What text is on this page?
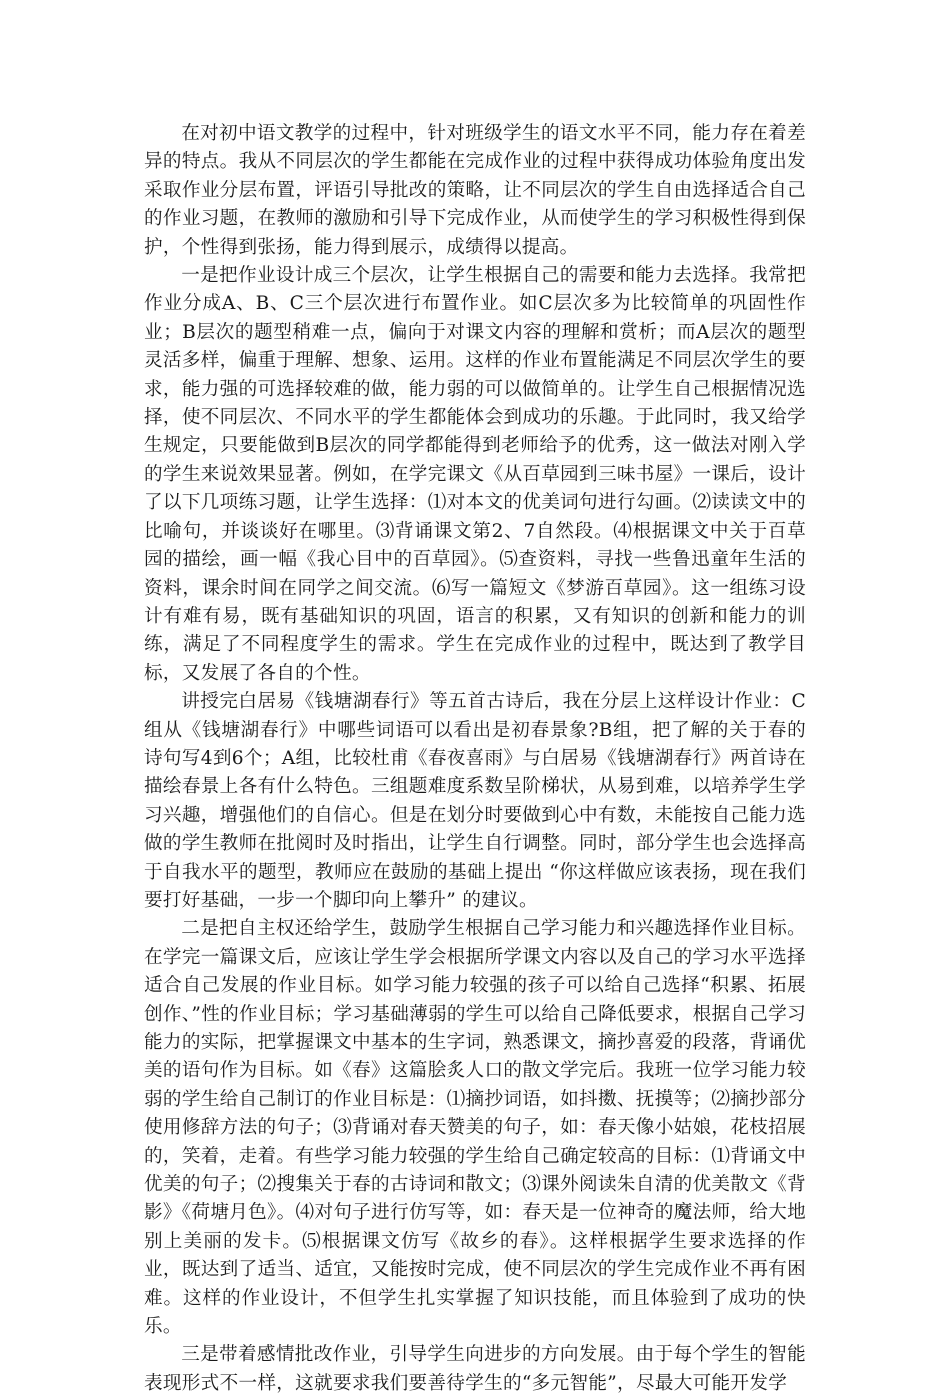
在对初中语文教学的过程中，针对班级学生的语文水平不同，能力存在着差异的特点。我从不同层次的学生都能在完成作业的过程中获得成功体验角度出发采取作业分层布置，评语引导批改的策略，让不同层次的学生自由选择适合自己的作业习题，在教师的激励和引导下完成作业，从而使学生的学习积极性得到保护，个性得到张扬，能力得到展示，成绩得以提高。

一是把作业设计成三个层次，让学生根据自己的需要和能力去选择。我常把作业分成A、B、C三个层次进行布置作业。如C层次多为比较简单的巩固性作业；B层次的题型稍难一点，偏向于对课文内容的理解和赏析；而A层次的题型灵活多样，偏重于理解、想象、运用。这样的作业布置能满足不同层次学生的要求，能力强的可选择较难的做，能力弱的可以做简单的。让学生自己根据情况选择，使不同层次、不同水平的学生都能体会到成功的乐趣。于此同时，我又给学生规定，只要能做到B层次的同学都能得到老师给予的优秀，这一做法对刚入学的学生来说效果显著。例如，在学完课文《从百草园到三味书屋》一课后，设计了以下几项练习题，让学生选择：⑴对本文的优美词句进行勾画。⑵读读文中的比喻句，并谈谈好在哪里。⑶背诵课文第2、7自然段。⑷根据课文中关于百草园的描绘，画一幅《我心目中的百草园》。⑸查资料，寻找一些鲁迅童年生活的资料，课余时间在同学之间交流。⑹写一篇短文《梦游百草园》。这一组练习设计有难有易，既有基础知识的巩固，语言的积累，又有知识的创新和能力的训练，满足了不同程度学生的需求。学生在完成作业的过程中，既达到了教学目标，又发展了各自的个性。

讲授完白居易《钱塘湖春行》等五首古诗后，我在分层上这样设计作业：C组从《钱塘湖春行》中哪些词语可以看出是初春景象?B组，把了解的关于春的诗句写4到6个；A组，比较杜甫《春夜喜雨》与白居易《钱塘湖春行》两首诗在描绘春景上各有什么特色。三组题难度系数呈阶梯状，从易到难，以培养学生学习兴趣，增强他们的自信心。但是在划分时要做到心中有数，未能按自己能力选做的学生教师在批阅时及时指出，让学生自行调整。同时，部分学生也会选择高于自我水平的题型，教师应在鼓励的基础上提出 “你这样做应该表扬，现在我们要打好基础，一步一个脚印向上攀升” 的建议。

二是把自主权还给学生，鼓励学生根据自己学习能力和兴趣选择作业目标。在学完一篇课文后，应该让学生学会根据所学课文内容以及自己的学习水平选择适合自己发展的作业目标。如学习能力较强的孩子可以给自己选择“积累、拓展创作、”性的作业目标；学习基础薄弱的学生可以给自己降低要求，根据自己学习能力的实际，把掌握课文中基本的生字词，熟悉课文，摘抄喜爱的段落，背诵优美的语句作为目标。如《春》这篇脍炙人口的散文学完后。我班一位学习能力较弱的学生给自己制订的作业目标是：⑴摘抄词语，如抖擞、抚摸等；⑵摘抄部分使用修辞方法的句子；⑶背诵对春天赞美的句子，如：春天像小姑娘，花枝招展的，笑着，走着。有些学习能力较强的学生给自己确定较高的目标：⑴背诵文中优美的句子；⑵搜集关于春的古诗词和散文；⑶课外阅读朱自清的优美散文《背影》《荷塘月色》。⑷对句子进行仿写等，如：春天是一位神奇的魔法师，给大地别上美丽的发卡。⑸根据课文仿写《故乡的春》。这样根据学生要求选择的作业，既达到了适当、适宜，又能按时完成，使不同层次的学生完成作业不再有困难。这样的作业设计，不但学生扎实掌握了知识技能，而且体验到了成功的快乐。

三是带着感情批改作业，引导学生向进步的方向发展。由于每个学生的智能表现形式不一样，这就要求我们要善待学生的“多元智能”，尽最大可能开发学
